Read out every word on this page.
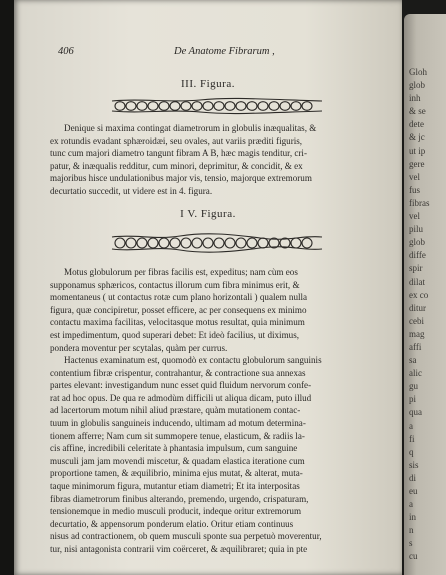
406	De Anatome Fibrarum ,
III. Figura.
Denique si maxima contingat diametrorum in globulis inæqualitas, &
ex rotundis evadant sphæroidæi, seu ovales, aut variis præditi figuris,
tunc cum majori diametro tangunt fibram A B, hæc magis tenditur, cri-
patur, & inæqualis redditur, cum minori, deprimitur, & concidit, & ex
majoribus hisce undulationibus major vis, tensio, majorque extremorum
decurtatio succedit, ut videre est in 4. figura.
I V. Figura.
Motus globulorum per fibras facilis est, expeditus; nam cùm eos
supponamus sphæricos, contactus illorum cum fibra minimus erit, &
momentaneus ( ut contactus rotæ cum plano horizontali ) qualem nulla
figura, quæ concipiretur, posset efficere, ac per consequens ex minimo
contactu maxima facilitas, velocitasque motus resultat, quia minimum
est impedimentum, quod superari debet: Et ideò facilius, ut diximus,
pondera moventur per scytalas, quàm per currus.
Hactenus examinatum est, quomodò ex contactu globulorum sanguinis
contentium fibræ crispentur, contrahantur, & contractione sua annexas
partes elevant: investigandum nunc esset quid fluidum nervorum confe-
rat ad hoc opus. De qua re admodùm difficili ut aliqua dicam, puto illud
ad lacertorum motum nihil aliud præstare, quàm mutationem contac-
tuum in globulis sanguineis inducendo, ultimam ad motum determina-
tionem afferre; Nam cum sit summopere tenue, elasticum, & radiis la-
cis affine, incredibili celeritate à phantasia impulsum, cum sanguine
musculi jam jam movendi miscetur, & quadam elastica iteratione cum
proportione tamen, & æquilibrio, minima ejus mutat, & alterat, muta-
taque minimorum figura, mutantur etiam diametri; Et ita interpositas
fibras diametrorum finibus alterando, premendo, urgendo, crispaturam,
tensionemque in medio musculi producit, indeque oritur extremorum
decurtatio, & appensorum ponderum elatio. Oritur etiam continuus
nisus ad contractionem, ob quem musculi sponte sua perpetuò moverentur,
tur, nisi antagonista contrarii vim coërceret, & æquilibraret; quia in pte
Gloh
glob
inh
& se
dete
& jc
ut ip
gere
vel
fus
fibras
vel
pilu
glob
diffe
spir
dilat
ex co
ditur
cebi
mag
affi
sa
alic
gu
pi
qua
a
fi
q
sis
di
eu
a
in
n
s
cu
